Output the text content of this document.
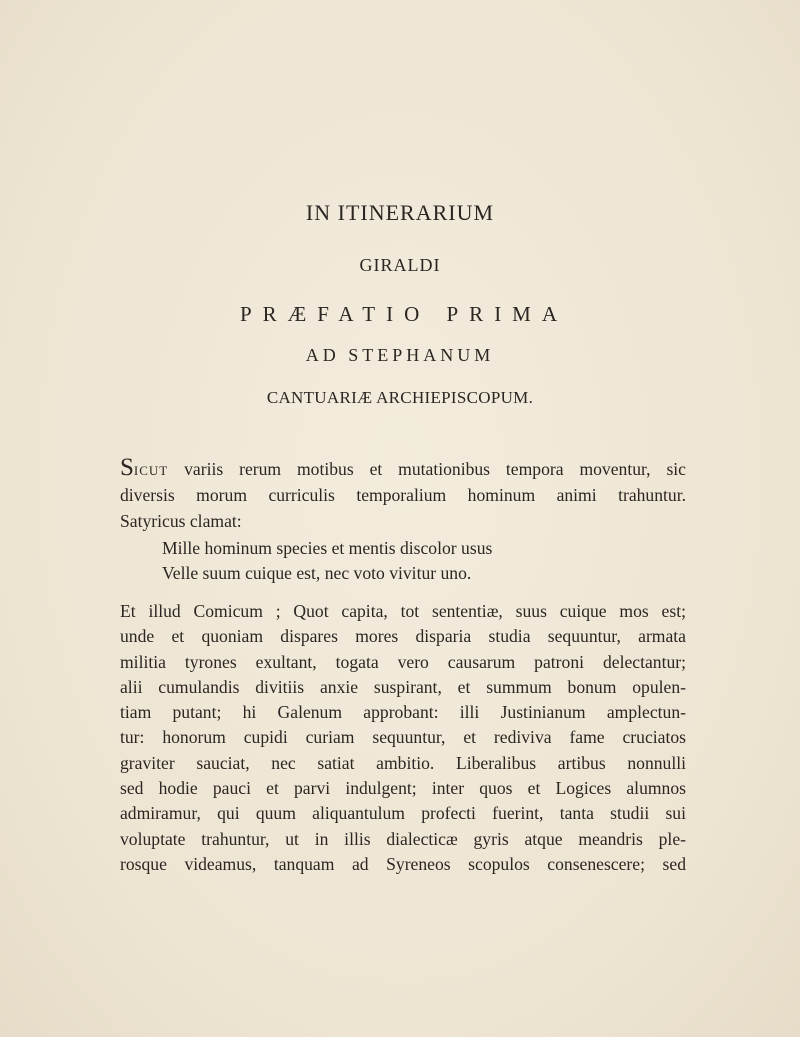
IN ITINERARIUM
GIRALDI
PRÆFATIO PRIMA
AD STEPHANUM
CANTUARIÆ ARCHIEPISCOPUM.
SICUT variis rerum motibus et mutationibus tempora moventur, sic
diversis morum curriculis temporalium hominum animi trahuntur.
Satyricus clamat:
Mille hominum species et mentis discolor usus
Velle suum cuique est, nec voto vivitur uno.
Et illud Comicum ; Quot capita, tot sententiæ, suus cuique mos est;
unde et quoniam dispares mores disparia studia sequuntur, armata
militia tyrones exultant, togata vero causarum patroni delectantur;
alii cumulandis divitiis anxie suspirant, et summum bonum opulen-
tiam putant; hi Galenum approbant: illi Justinianum amplectun-
tur: honorum cupidi curiam sequuntur, et rediviva fame cruciatos
graviter sauciat, nec satiat ambitio. Liberalibus artibus nonnulli
sed hodie pauci et parvi indulgent; inter quos et Logices alumnos
admiramur, qui quum aliquantulum profecti fuerint, tanta studii sui
voluptate trahuntur, ut in illis dialecticæ gyris atque meandris ple-
rosque videamus, tanquam ad Syreneos scopulos consenescere; sed
